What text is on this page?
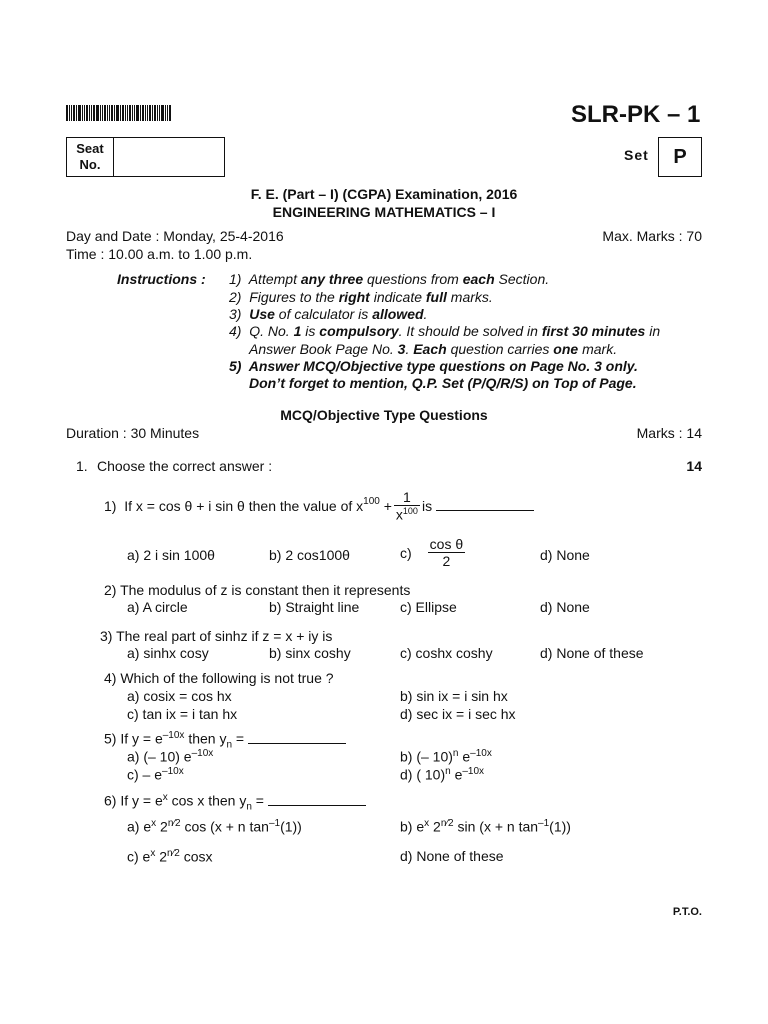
SLR-PK – 1
Seat
No.
Set	P
F. E. (Part – I) (CGPA) Examination, 2016
ENGINEERING MATHEMATICS – I
Day and Date : Monday, 25-4-2016	Max. Marks : 70
Time : 10.00 a.m. to 1.00 p.m.
Instructions : 1) Attempt any three questions from each Section.
2) Figures to the right indicate full marks.
3) Use of calculator is allowed.
4) Q. No. 1 is compulsory. It should be solved in first 30 minutes in
Answer Book Page No. 3. Each question carries one mark.
5) Answer MCQ/Objective type questions on Page No. 3 only.
Don’t forget to mention, Q.P. Set (P/Q/R/S) on Top of Page.
MCQ/Objective Type Questions
Duration : 30 Minutes	Marks : 14
1. Choose the correct answer :	14
1)
If x = cos θ + i sin θ then the value of $x^{100}$
+ $\frac{1}{x^{100}}$ is
a) 2 i sin 100θ	b) 2 cos100θ	$c) \frac{\text{cos θ}}{2}$	d) None
2) The modulus of z is constant then it represents
a) A circle	b) Straight line	c) Ellipse	d) None
3) The real part of sinhz if z = x + iy is
a) sinhx cosy	b) sinx coshy	c) coshx coshy	d) None of these
4) Which of the following is not true ?
a) cosix = cos hx	b) sin ix = i sin hx
c) tan ix = i tan hx	d) sec ix = i sec hx
5) If $y = e^{-10x}$ then $y_n$ =
a) (– 10) $e^{-10x}$	b) (– 10)$^n$ $e^{-10x}$
$c) - e^{-10x}$	d) ( 10)$^n$ $e^{-10x}$
6) If $y = e^x$ cos x then $y_n$ =
a) $e^x$ $2^{n⁄2}$ cos (x + n $\tan^{-1}(1)$)	b) $e^x$ $2^{n⁄2}$ sin (x + n $\tan^{-1}(1)$)
c) $e^x$ $2^{n⁄2}$ cosx	d) None of these
P.T.O.
